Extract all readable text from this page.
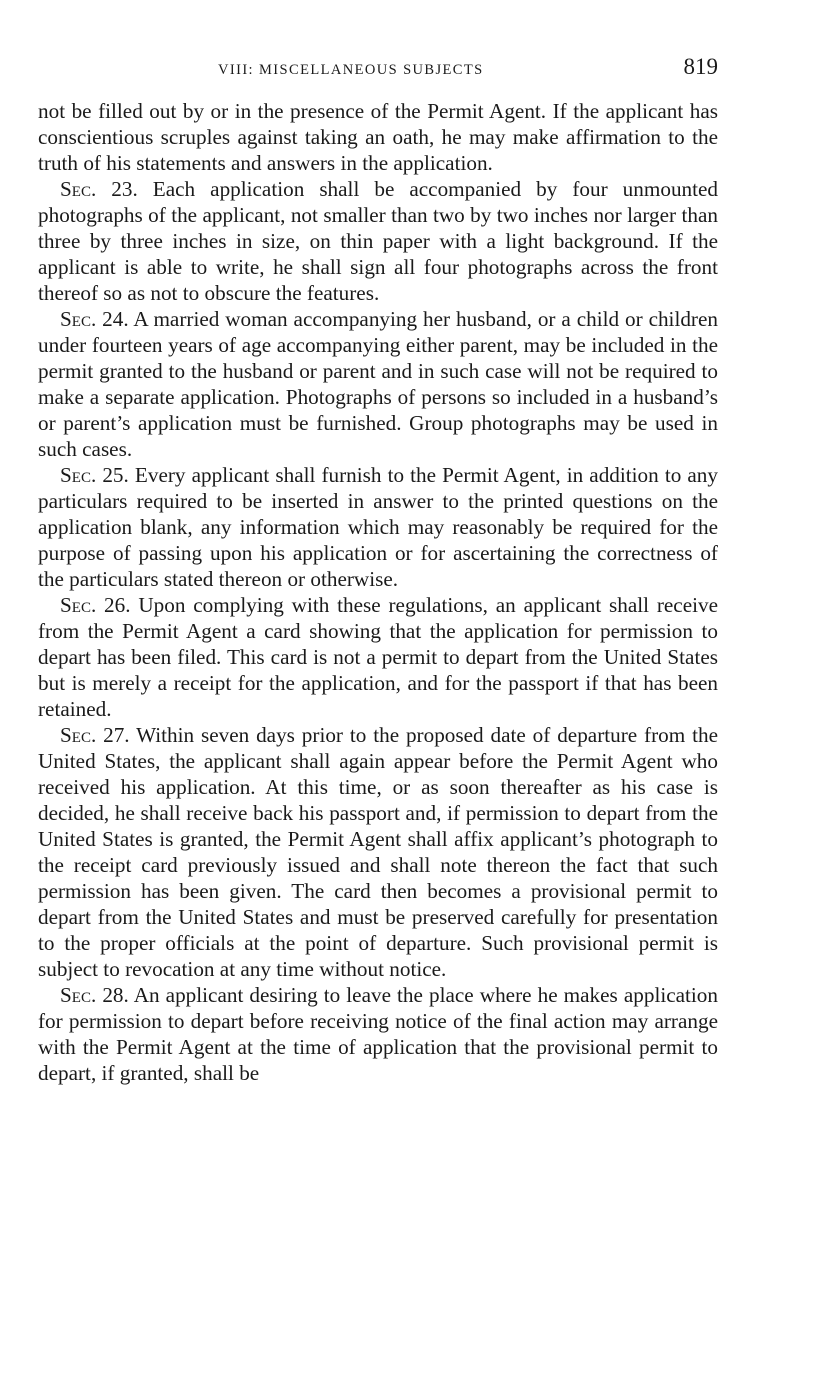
VIII: MISCELLANEOUS SUBJECTS	819

not be filled out by or in the presence of the Permit Agent. If the applicant has conscientious scruples against taking an oath, he may make affirmation to the truth of his statements and answers in the application.

Sec. 23. Each application shall be accompanied by four unmounted photographs of the applicant, not smaller than two by two inches nor larger than three by three inches in size, on thin paper with a light background. If the applicant is able to write, he shall sign all four photographs across the front thereof so as not to obscure the features.

Sec. 24. A married woman accompanying her husband, or a child or children under fourteen years of age accompanying either parent, may be included in the permit granted to the husband or parent and in such case will not be required to make a separate application. Photographs of persons so included in a husband’s or parent’s application must be furnished. Group photographs may be used in such cases.

Sec. 25. Every applicant shall furnish to the Permit Agent, in addition to any particulars required to be inserted in answer to the printed questions on the application blank, any information which may reasonably be required for the purpose of passing upon his application or for ascertaining the correctness of the particulars stated thereon or otherwise.

Sec. 26. Upon complying with these regulations, an applicant shall receive from the Permit Agent a card showing that the application for permission to depart has been filed. This card is not a permit to depart from the United States but is merely a receipt for the application, and for the passport if that has been retained.

Sec. 27. Within seven days prior to the proposed date of departure from the United States, the applicant shall again appear before the Permit Agent who received his application. At this time, or as soon thereafter as his case is decided, he shall receive back his passport and, if permission to depart from the United States is granted, the Permit Agent shall affix applicant’s photograph to the receipt card previously issued and shall note thereon the fact that such permission has been given. The card then becomes a provisional permit to depart from the United States and must be preserved carefully for presentation to the proper officials at the point of departure. Such provisional permit is subject to revocation at any time without notice.

Sec. 28. An applicant desiring to leave the place where he makes application for permission to depart before receiving notice of the final action may arrange with the Permit Agent at the time of application that the provisional permit to depart, if granted, shall be
